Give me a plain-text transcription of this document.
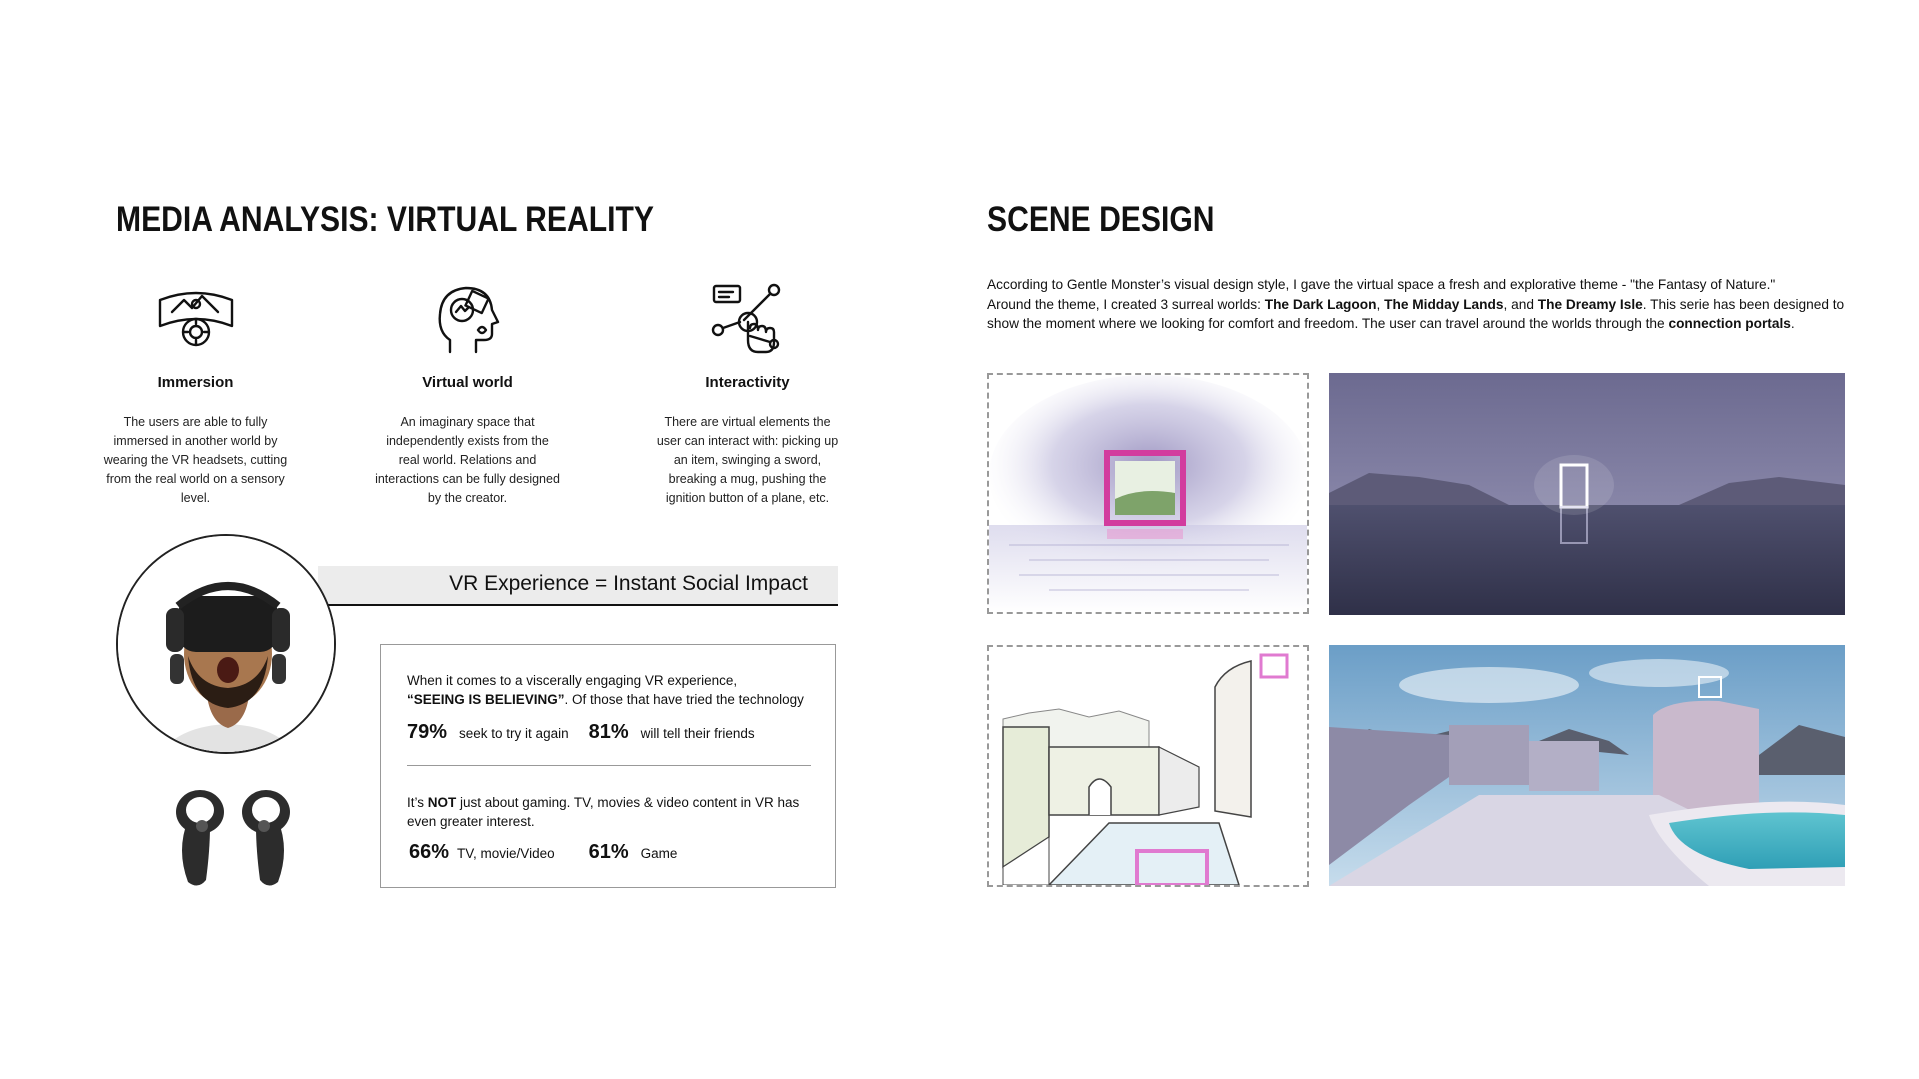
MEDIA ANALYSIS: VIRTUAL REALITY
Immersion
The users are able to fully immersed in another world by wearing the VR headsets, cutting from the real world on a sensory level.
Virtual world
An imaginary space that independently exists from the real world. Relations and interactions can be fully designed by the creator.
Interactivity
There are virtual elements the user can interact with: picking up an item, swinging a sword, breaking a mug, pushing the ignition button of a plane, etc.
VR Experience = Instant Social Impact
When it comes to a viscerally engaging VR experience,
“SEEING IS BELIEVING”. Of those that have tried the technology
79% seek to try it again 81% will tell their friends
It’s NOT just about gaming. TV, movies & video content in VR has even greater interest.
66% TV, movie/Video 61% Game
SCENE DESIGN
According to Gentle Monster’s visual design style, I gave the virtual space a fresh and explorative theme - "the Fantasy of Nature."
Around the theme, I created 3 surreal worlds: The Dark Lagoon, The Midday Lands, and The Dreamy Isle. This serie has been designed to show the moment where we looking for comfort and freedom. The user can travel around the worlds through the connection portals.
